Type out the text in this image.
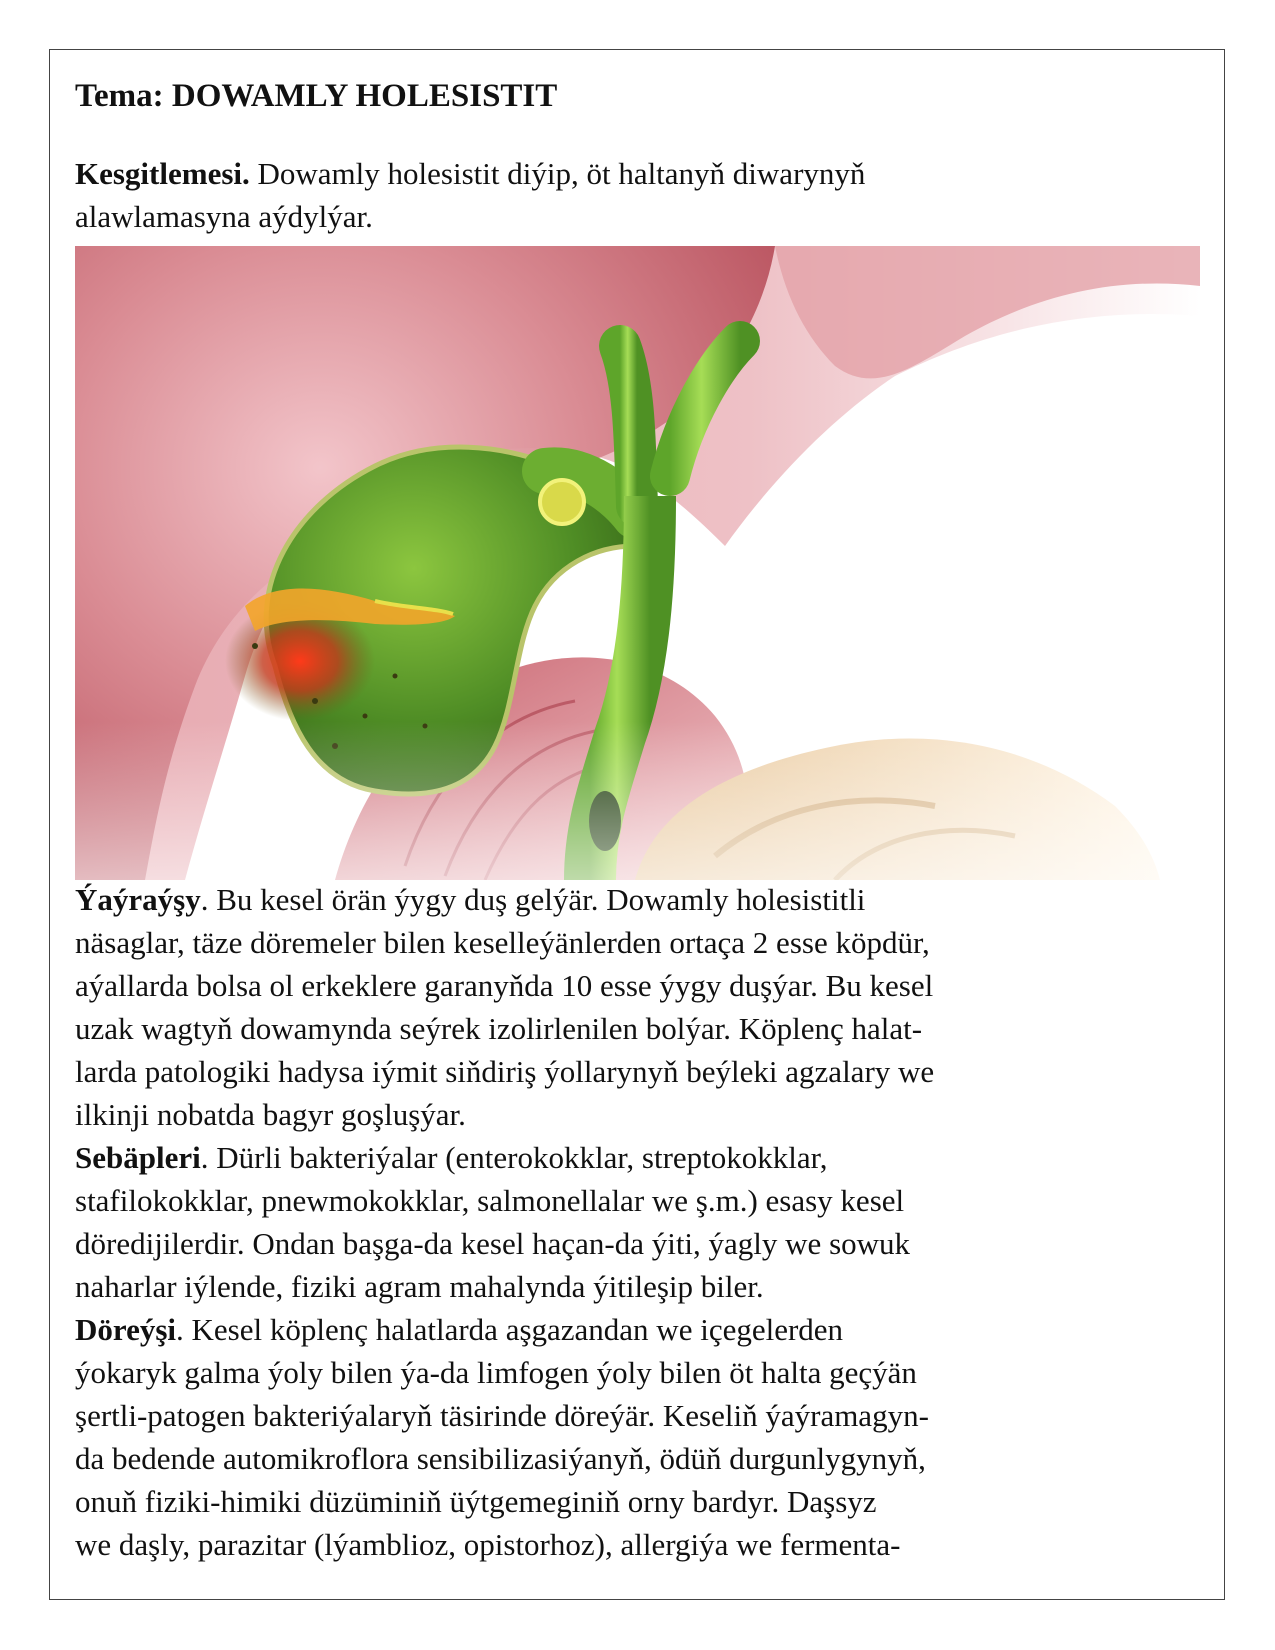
Tema: DOWAMLY HOLESISTIT
Kesgitlemesi. Dowamly holesistit diýip, öt haltanyň diwarynyň
alawlamasyna aýdylýar.
Ýaýraýşy. Bu kesel örän ýygy duş gelýär. Dowamly holesistitli
näsaglar, täze döremeler bilen keselleýänlerden ortaça 2 esse köpdür,
aýallarda bolsa ol erkeklere garanyňda 10 esse ýygy duşýar. Bu kesel
uzak wagtyň dowamynda seýrek izolirlenilen bolýar. Köplenç halat-
larda patologiki hadysa iýmit siňdiriş ýollarynyň beýleki agzalary we
ilkinji nobatda bagyr goşluşýar.
Sebäpleri. Dürli bakteriýalar (enterokokklar, streptokokklar,
stafilokokklar, pnewmokokklar, salmonellalar we ş.m.) esasy kesel
döredijilerdir. Ondan başga-da kesel haçan-da ýiti, ýagly we sowuk
naharlar iýlende, fiziki agram mahalynda ýitileşip biler.
Döreýşi. Kesel köplenç halatlarda aşgazandan we içegelerden
ýokaryk galma ýoly bilen ýa-da limfogen ýoly bilen öt halta geçýän
şertli-patogen bakteriýalaryň täsirinde döreýär. Keseliň ýaýramagyn-
da bedende automikroflora sensibilizasiýanyň, ödüň durgunlygynyň,
onuň fiziki-himiki düzüminiň üýtgemeginiň orny bardyr. Daşsyz
we daşly, parazitar (lýamblioz, opistorhoz), allergiýa we fermenta-
